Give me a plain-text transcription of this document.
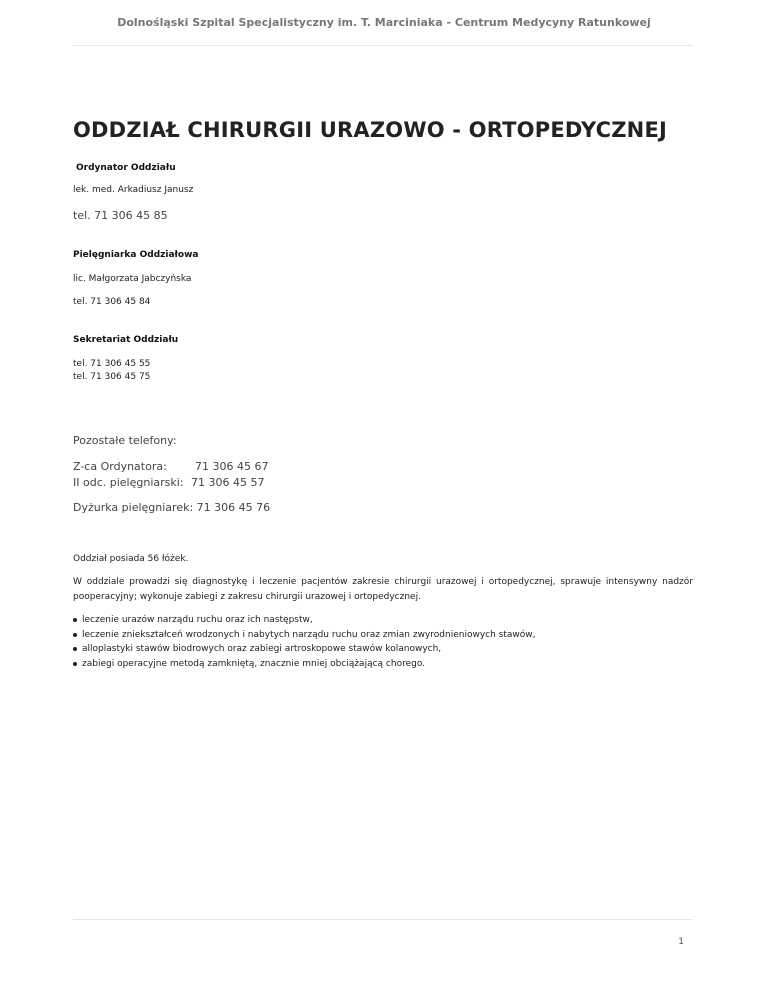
Dolnośląski Szpital Specjalistyczny im. T. Marciniaka - Centrum Medycyny Ratunkowej
ODDZIAŁ CHIRURGII URAZOWO - ORTOPEDYCZNEJ
Ordynator Oddziału
lek. med. Arkadiusz Janusz
tel. 71 306 45 85
Pielęgniarka Oddziałowa
lic. Małgorzata Jabczyńska
tel. 71 306 45 84
Sekretariat Oddziału
tel. 71 306 45 55
tel. 71 306 45 75
Pozostałe telefony:
Z-ca Ordynatora:	71 306 45 67
II odc. pielęgniarski: 71 306 45 57
Dyżurka pielęgniarek: 71 306 45 76
Oddział posiada 56 łóżek.
W oddziale prowadzi się diagnostykę i leczenie pacjentów zakresie chirurgii urazowej i ortopedycznej, sprawuje intensywny nadzór pooperacyjny; wykonuje zabiegi z zakresu chirurgii urazowej i ortopedycznej.
leczenie urazów narządu ruchu oraz ich następstw,
leczenie zniekształceń wrodzonych i nabytych narządu ruchu oraz zmian zwyrodnieniowych stawów,
alloplastyki stawów biodrowych oraz zabiegi artroskopowe stawów kolanowych,
zabiegi operacyjne metodą zamkniętą, znacznie mniej obciążającą chorego.
1
